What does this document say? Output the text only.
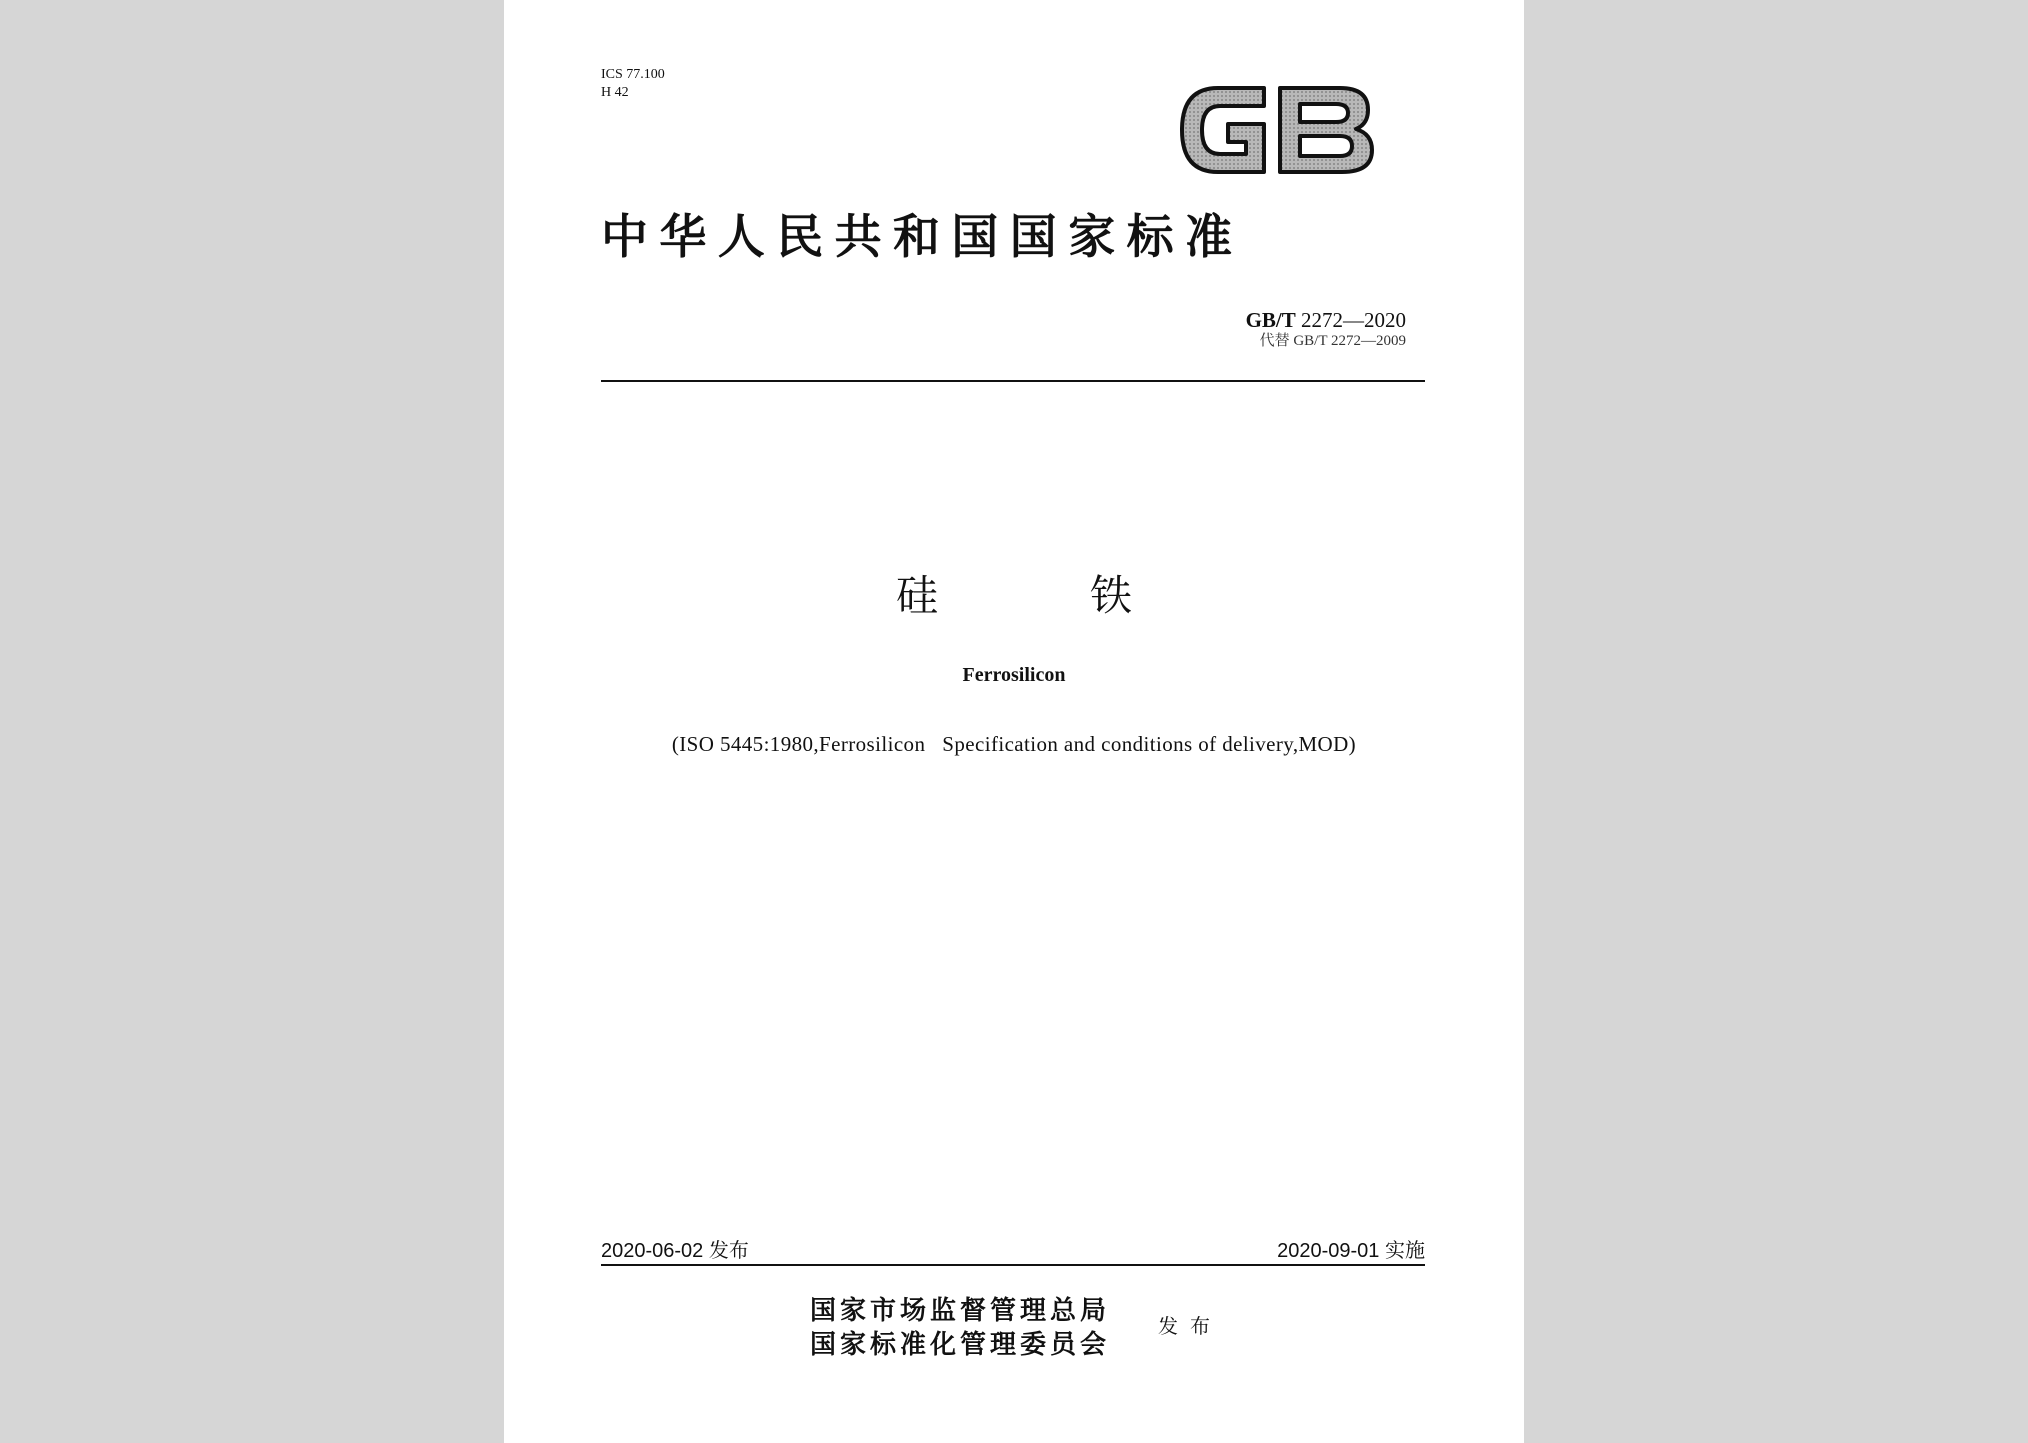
ICS 77.100
H 42
中华人民共和国国家标准
GB/T 2272—2020
代替 GB/T 2272—2009
硅	铁
Ferrosilicon
(ISO 5445:1980,Ferrosilicon   Specification and conditions of delivery,MOD)
2020-06-02 发布	2020-09-01 实施
国家市场监督管理总局
国家标准化管理委员会
发布
